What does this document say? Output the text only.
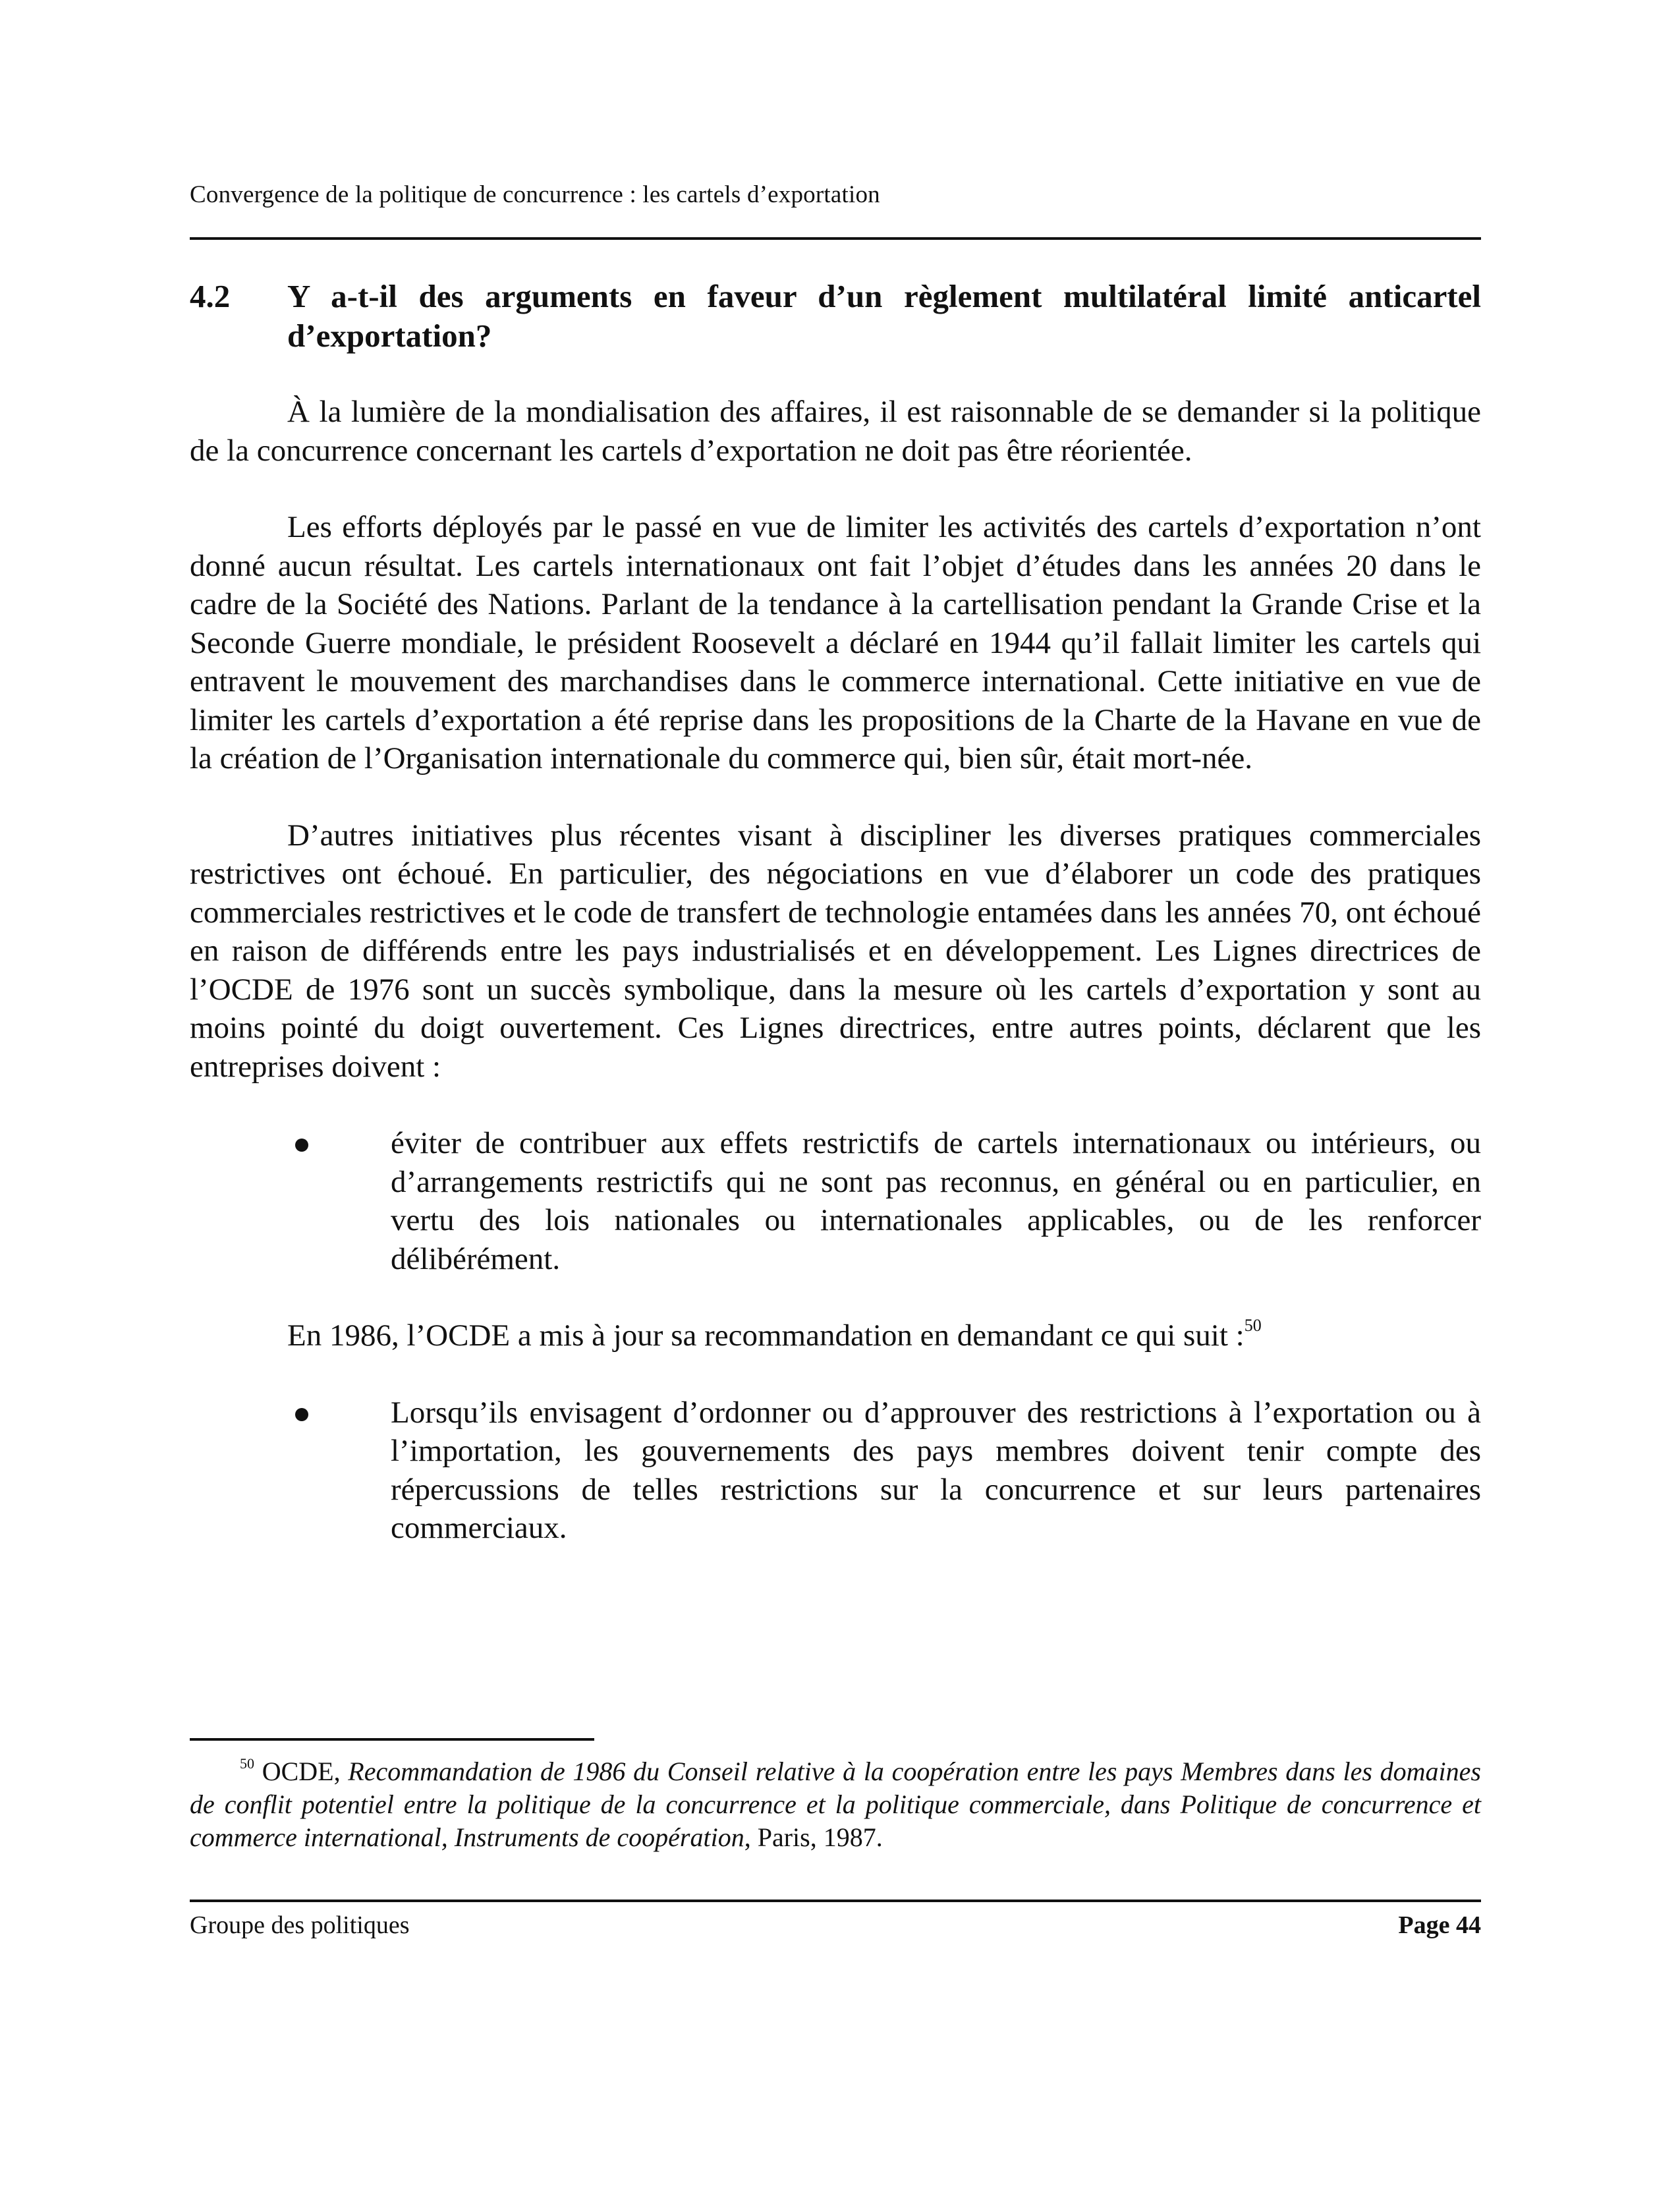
Convergence de la politique de concurrence : les cartels d’exportation
4.2 Y a-t-il des arguments en faveur d’un règlement multilatéral limité anticartel d’exportation?

À la lumière de la mondialisation des affaires, il est raisonnable de se demander si la politique de la concurrence concernant les cartels d’exportation ne doit pas être réorientée.

Les efforts déployés par le passé en vue de limiter les activités des cartels d’exportation n’ont donné aucun résultat. Les cartels internationaux ont fait l’objet d’études dans les années 20 dans le cadre de la Société des Nations. Parlant de la tendance à la cartellisation pendant la Grande Crise et la Seconde Guerre mondiale, le président Roosevelt a déclaré en 1944 qu’il fallait limiter les cartels qui entravent le mouvement des marchandises dans le commerce international. Cette initiative en vue de limiter les cartels d’exportation a été reprise dans les propositions de la Charte de la Havane en vue de la création de l’Organisation internationale du commerce qui, bien sûr, était mort-née.

D’autres initiatives plus récentes visant à discipliner les diverses pratiques commerciales restrictives ont échoué. En particulier, des négociations en vue d’élaborer un code des pratiques commerciales restrictives et le code de transfert de technologie entamées dans les années 70, ont échoué en raison de différends entre les pays industrialisés et en développement. Les Lignes directrices de l’OCDE de 1976 sont un succès symbolique, dans la mesure où les cartels d’exportation y sont au moins pointé du doigt ouvertement. Ces Lignes directrices, entre autres points, déclarent que les entreprises doivent :

éviter de contribuer aux effets restrictifs de cartels internationaux ou intérieurs, ou d’arrangements restrictifs qui ne sont pas reconnus, en général ou en particulier, en vertu des lois nationales ou internationales applicables, ou de les renforcer délibérément.

En 1986, l’OCDE a mis à jour sa recommandation en demandant ce qui suit :$^{50}$

Lorsqu’ils envisagent d’ordonner ou d’approuver des restrictions à l’exportation ou à l’importation, les gouvernements des pays membres doivent tenir compte des répercussions de telles restrictions sur la concurrence et sur leurs partenaires commerciaux.
$^{50}$ OCDE, Recommandation de 1986 du Conseil relative à la coopération entre les pays Membres dans les domaines de conflit potentiel entre la politique de la concurrence et la politique commerciale, dans Politique de concurrence et commerce international, Instruments de coopération, Paris, 1987.
Groupe des politiques	Page 44
